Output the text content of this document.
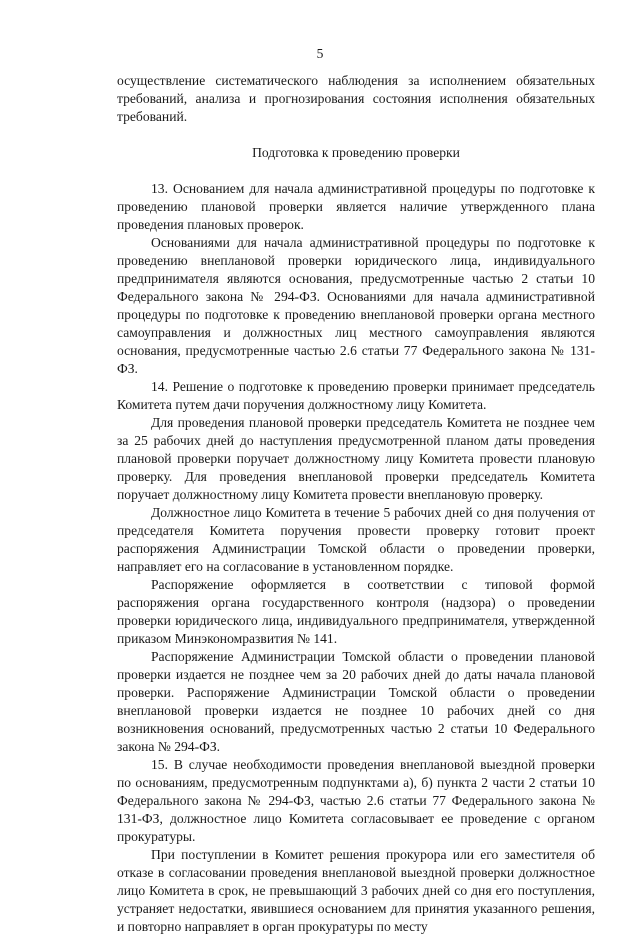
5

осуществление систематического наблюдения за исполнением обязательных требований, анализа и прогнозирования состояния исполнения обязательных требований.

Подготовка к проведению проверки

13. Основанием для начала административной процедуры по подготовке к проведению плановой проверки является наличие утвержденного плана проведения плановых проверок.

Основаниями для начала административной процедуры по подготовке к проведению внеплановой проверки юридического лица, индивидуального предпринимателя являются основания, предусмотренные частью 2 статьи 10 Федерального закона № 294-ФЗ. Основаниями для начала административной процедуры по подготовке к проведению внеплановой проверки органа местного самоуправления и должностных лиц местного самоуправления являются основания, предусмотренные частью 2.6 статьи 77 Федерального закона № 131-ФЗ.

14. Решение о подготовке к проведению проверки принимает председатель Комитета путем дачи поручения должностному лицу Комитета.

Для проведения плановой проверки председатель Комитета не позднее чем за 25 рабочих дней до наступления предусмотренной планом даты проведения плановой проверки поручает должностному лицу Комитета провести плановую проверку. Для проведения внеплановой проверки председатель Комитета поручает должностному лицу Комитета провести внеплановую проверку.

Должностное лицо Комитета в течение 5 рабочих дней со дня получения от председателя Комитета поручения провести проверку готовит проект распоряжения Администрации Томской области о проведении проверки, направляет его на согласование в установленном порядке.

Распоряжение оформляется в соответствии с типовой формой распоряжения органа государственного контроля (надзора) о проведении проверки юридического лица, индивидуального предпринимателя, утвержденной приказом Минэкономразвития № 141.

Распоряжение Администрации Томской области о проведении плановой проверки издается не позднее чем за 20 рабочих дней до даты начала плановой проверки. Распоряжение Администрации Томской области о проведении внеплановой проверки издается не позднее 10 рабочих дней со дня возникновения оснований, предусмотренных частью 2 статьи 10 Федерального закона № 294-ФЗ.

15. В случае необходимости проведения внеплановой выездной проверки по основаниям, предусмотренным подпунктами а), б) пункта 2 части 2 статьи 10 Федерального закона № 294-ФЗ, частью 2.6 статьи 77 Федерального закона № 131-ФЗ, должностное лицо Комитета согласовывает ее проведение с органом прокуратуры.

При поступлении в Комитет решения прокурора или его заместителя об отказе в согласовании проведения внеплановой выездной проверки должностное лицо Комитета в срок, не превышающий 3 рабочих дней со дня его поступления, устраняет недостатки, явившиеся основанием для принятия указанного решения, и повторно направляет в орган прокуратуры по месту
